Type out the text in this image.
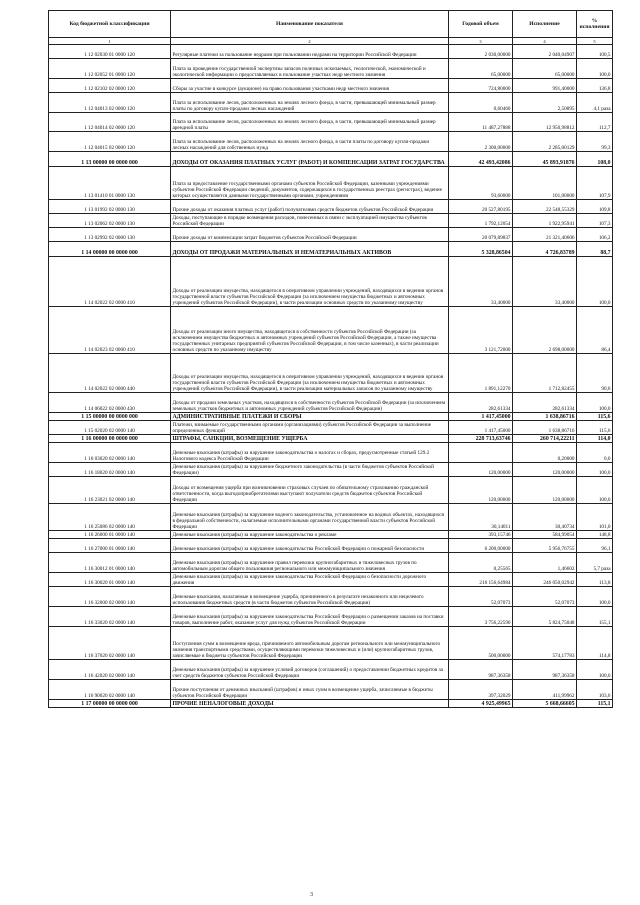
Код бюджетной классификации	Наименование показателя	Годовой объем	Исполнение	% исполнения
1	2	3	4	5
1 12 02030 01 0000 120	Регулярные платежи за пользование недрами при пользовании недрами на территории Российской Федерации	2 030,00000	2 040,04907	100,5
1 12 02052 01 0000 120	Плата за проведение государственной экспертизы запасов полезных ископаемых, геологической, экономической и экологической информации о предоставляемых в пользование участках недр местного значения	65,00000	65,00000	100,0
1 12 02102 02 0000 120	Сборы за участие в конкурсе (аукционе) на право пользования участками недр местного значения	724,80000	991,40000	136,8
1 12 04013 02 0000 120	Плата за использование лесов, расположенных на землях лесного фонда, в части, превышающей минимальный размер платы по договору купли-продажи лесных насаждений	0,60460	2,50895	4,1 раза
1 12 04014 02 0000 120	Плата за использование лесов, расположенных на землях лесного фонда, в части, превышающей минимальный размер арендной платы	11 487,27888	12 950,98812	112,7
1 12 04015 02 0000 120	Плата за использование лесов, расположенных на землях лесного фонда, в части платы по договору купли-продажи лесных насаждений для собственных нужд	2 300,00000	2 285,00129	99,3
1 13 00000 00 0000 000	ДОХОДЫ ОТ ОКАЗАНИЯ ПЛАТНЫХ УСЛУГ (РАБОТ) И КОМПЕНСАЦИИ ЗАТРАТ ГОСУДАРСТВА	42 493,42086	45 893,91876	108,0
1 13 01410 01 0000 130	Плата за предоставление государственными органами субъектов Российской Федерации, казенными учреждениями субъектов Российской Федерации сведений, документов, содержащихся в государственных реестрах (регистрах), ведение которых осуществляется данными государственными органами, учреждениями	93,60000	101,00000	107,9
1 13 01992 02 0000 130	Прочие доходы от оказания платных услуг (работ) получателями средств бюджетов субъектов Российской Федерации	20 527,80195	22 548,55329	109,8
1 13 02062 02 0000 130	Доходы, поступающие в порядке возмещения расходов, понесенных в связи с эксплуатацией имущества субъектов Российской Федерации	1 792,12054	1 922,95941	107,3
1 13 02992 02 0000 130	Прочие доходы от компенсации затрат бюджетов субъектов Российской Федерации	20 079,89837	21 321,40606	106,2
1 14 00000 00 0000 000	ДОХОДЫ ОТ ПРОДАЖИ МАТЕРИАЛЬНЫХ И НЕМАТЕРИАЛЬНЫХ АКТИВОВ	5 328,86504	4 726,83789	88,7
1 14 02022 02 0000 410	Доходы от реализации имущества, находящегося в оперативном управлении учреждений, находящихся в ведении органов государственной власти субъектов Российской Федерации (за исключением имущества бюджетных и автономных учреждений субъектов Российской Федерации), в части реализации основных средств по указанному имуществу	33,40000	33,40000	100,0
1 14 02023 02 0000 410	Доходы от реализации иного имущества, находящегося в собственности субъектов Российской Федерации (за исключением имущества бюджетных и автономных учреждений субъектов Российской Федерации, а также имущества государственных унитарных предприятий субъектов Российской Федерации, в том числе казенных), в части реализации основных средств по указанному имуществу	3 121,72000	2 698,00000	86,4
1 14 02022 02 0000 440	Доходы от реализации имущества, находящегося в оперативном управлении учреждений, находящихся в ведении органов государственной власти субъектов Российской Федерации (за исключением имущества бюджетных и автономных учреждений субъектов Российской Федерации), в части реализации материальных запасов по указанному имуществу	1 891,12270	1 712,82455	90,6
1 14 06022 02 0000 430	Доходы от продажи земельных участков, находящихся в собственности субъектов Российской Федерации (за исключением земельных участков бюджетных и автономных учреждений субъектов Российской Федерации)	282,61334	282,61334	100,0
1 15 00000 00 0000 000	АДМИНИСТРАТИВНЫЕ ПЛАТЕЖИ И СБОРЫ	1 417,45000	1 638,86716	115,6
1 15 02020 02 0000 140	Платежи, взимаемые государственными органами (организациями) субъектов Российской Федерации за выполнение определенных функций	1 417,45000	1 638,86716	115,6
1 16 00000 00 0000 000	ШТРАФЫ, САНКЦИИ, ВОЗМЕЩЕНИЕ УЩЕРБА	228 713,63746	260 714,22211	114,0
1 16 03020 02 0000 140	Денежные взыскания (штрафы) за нарушение законодательства о налогах и сборах, предусмотренные статьей 129.2 Налогового кодекса Российской Федерации		0,20000	0,0
1 16 18020 02 0000 140	Денежные взыскания (штрафы) за нарушение бюджетного законодательства (в части бюджетов субъектов Российской Федерации)	120,00000	120,00000	100,0
1 16 23021 02 0000 140	Доходы от возмещения ущерба при возникновении страховых случаев по обязательному страхованию гражданской ответственности, когда выгодоприобретателями выступают получатели средств бюджетов субъектов Российской Федерации	120,00000	120,00000	100,0
1 16 25086 02 0000 140	Денежные взыскания (штрафы) за нарушение водного законодательства, установленное на водных объектах, находящихся в федеральной собственности, налагаемые исполнительными органами государственной власти субъектов Российской Федерации	30,14011	30,40734	101,0
1 16 26000 01 0000 140	Денежные взыскания (штрафы) за нарушение законодательства о рекламе	393,15746	584,99054	148,8
1 16 27000 01 0000 140	Денежные взыскания (штрафы) за нарушение законодательства Российской Федерации о пожарной безопасности	6 200,00000	5 956,76755	96,1
1 16 30012 01 0000 140	Денежные взыскания (штрафы) за нарушение правил перевозки крупногабаритных и тяжеловесных грузов по автомобильным дорогам общего пользования регионального или межмуниципального значения	0,25565	1,46602	5,7 раза
1 16 30020 01 0000 140	Денежные взыскания (штрафы) за нарушение законодательства Российской Федерации о безопасности дорожного движения	216 156,64984	246 050,02942	113,8
1 16 32000 02 0000 140	Денежные взыскания, налагаемые в возмещение ущерба, причиненного в результате незаконного или нецелевого использования бюджетных средств (в части бюджетов субъектов Российской Федерации)	52,07073	52,07073	100,0
1 16 33020 02 0000 140	Денежные взыскания (штрафы) за нарушение законодательства Российской Федерации о размещении заказов на поставки товаров, выполнение работ, оказание услуг для нужд субъектов Российской Федерации	3 756,22590	5 824,75048	155,1
1 16 37020 02 0000 140	Поступления сумм в возмещение вреда, причиняемого автомобильным дорогам регионального или межмуниципального значения транспортными средствами, осуществляющими перевозки тяжеловесных и (или) крупногабаритных грузов, зачисляемые в бюджеты субъектов Российской Федерации	500,00000	574,17783	114,8
1 16 42020 02 0000 140	Денежные взыскания (штрафы) за нарушение условий договоров (соглашений) о предоставлении бюджетных кредитов за счет средств бюджетов субъектов Российской Федерации	987,36358	987,36358	100,0
1 16 90020 02 0000 140	Прочие поступления от денежных взысканий (штрафов) и иных сумм в возмещение ущерба, зачисляемые в бюджеты субъектов Российской Федерации	397,32029	411,99962	103,6
1 17 00000 00 0000 000	ПРОЧИЕ НЕНАЛОГОВЫЕ ДОХОДЫ	4 925,49965	5 668,66605	115,1
3
